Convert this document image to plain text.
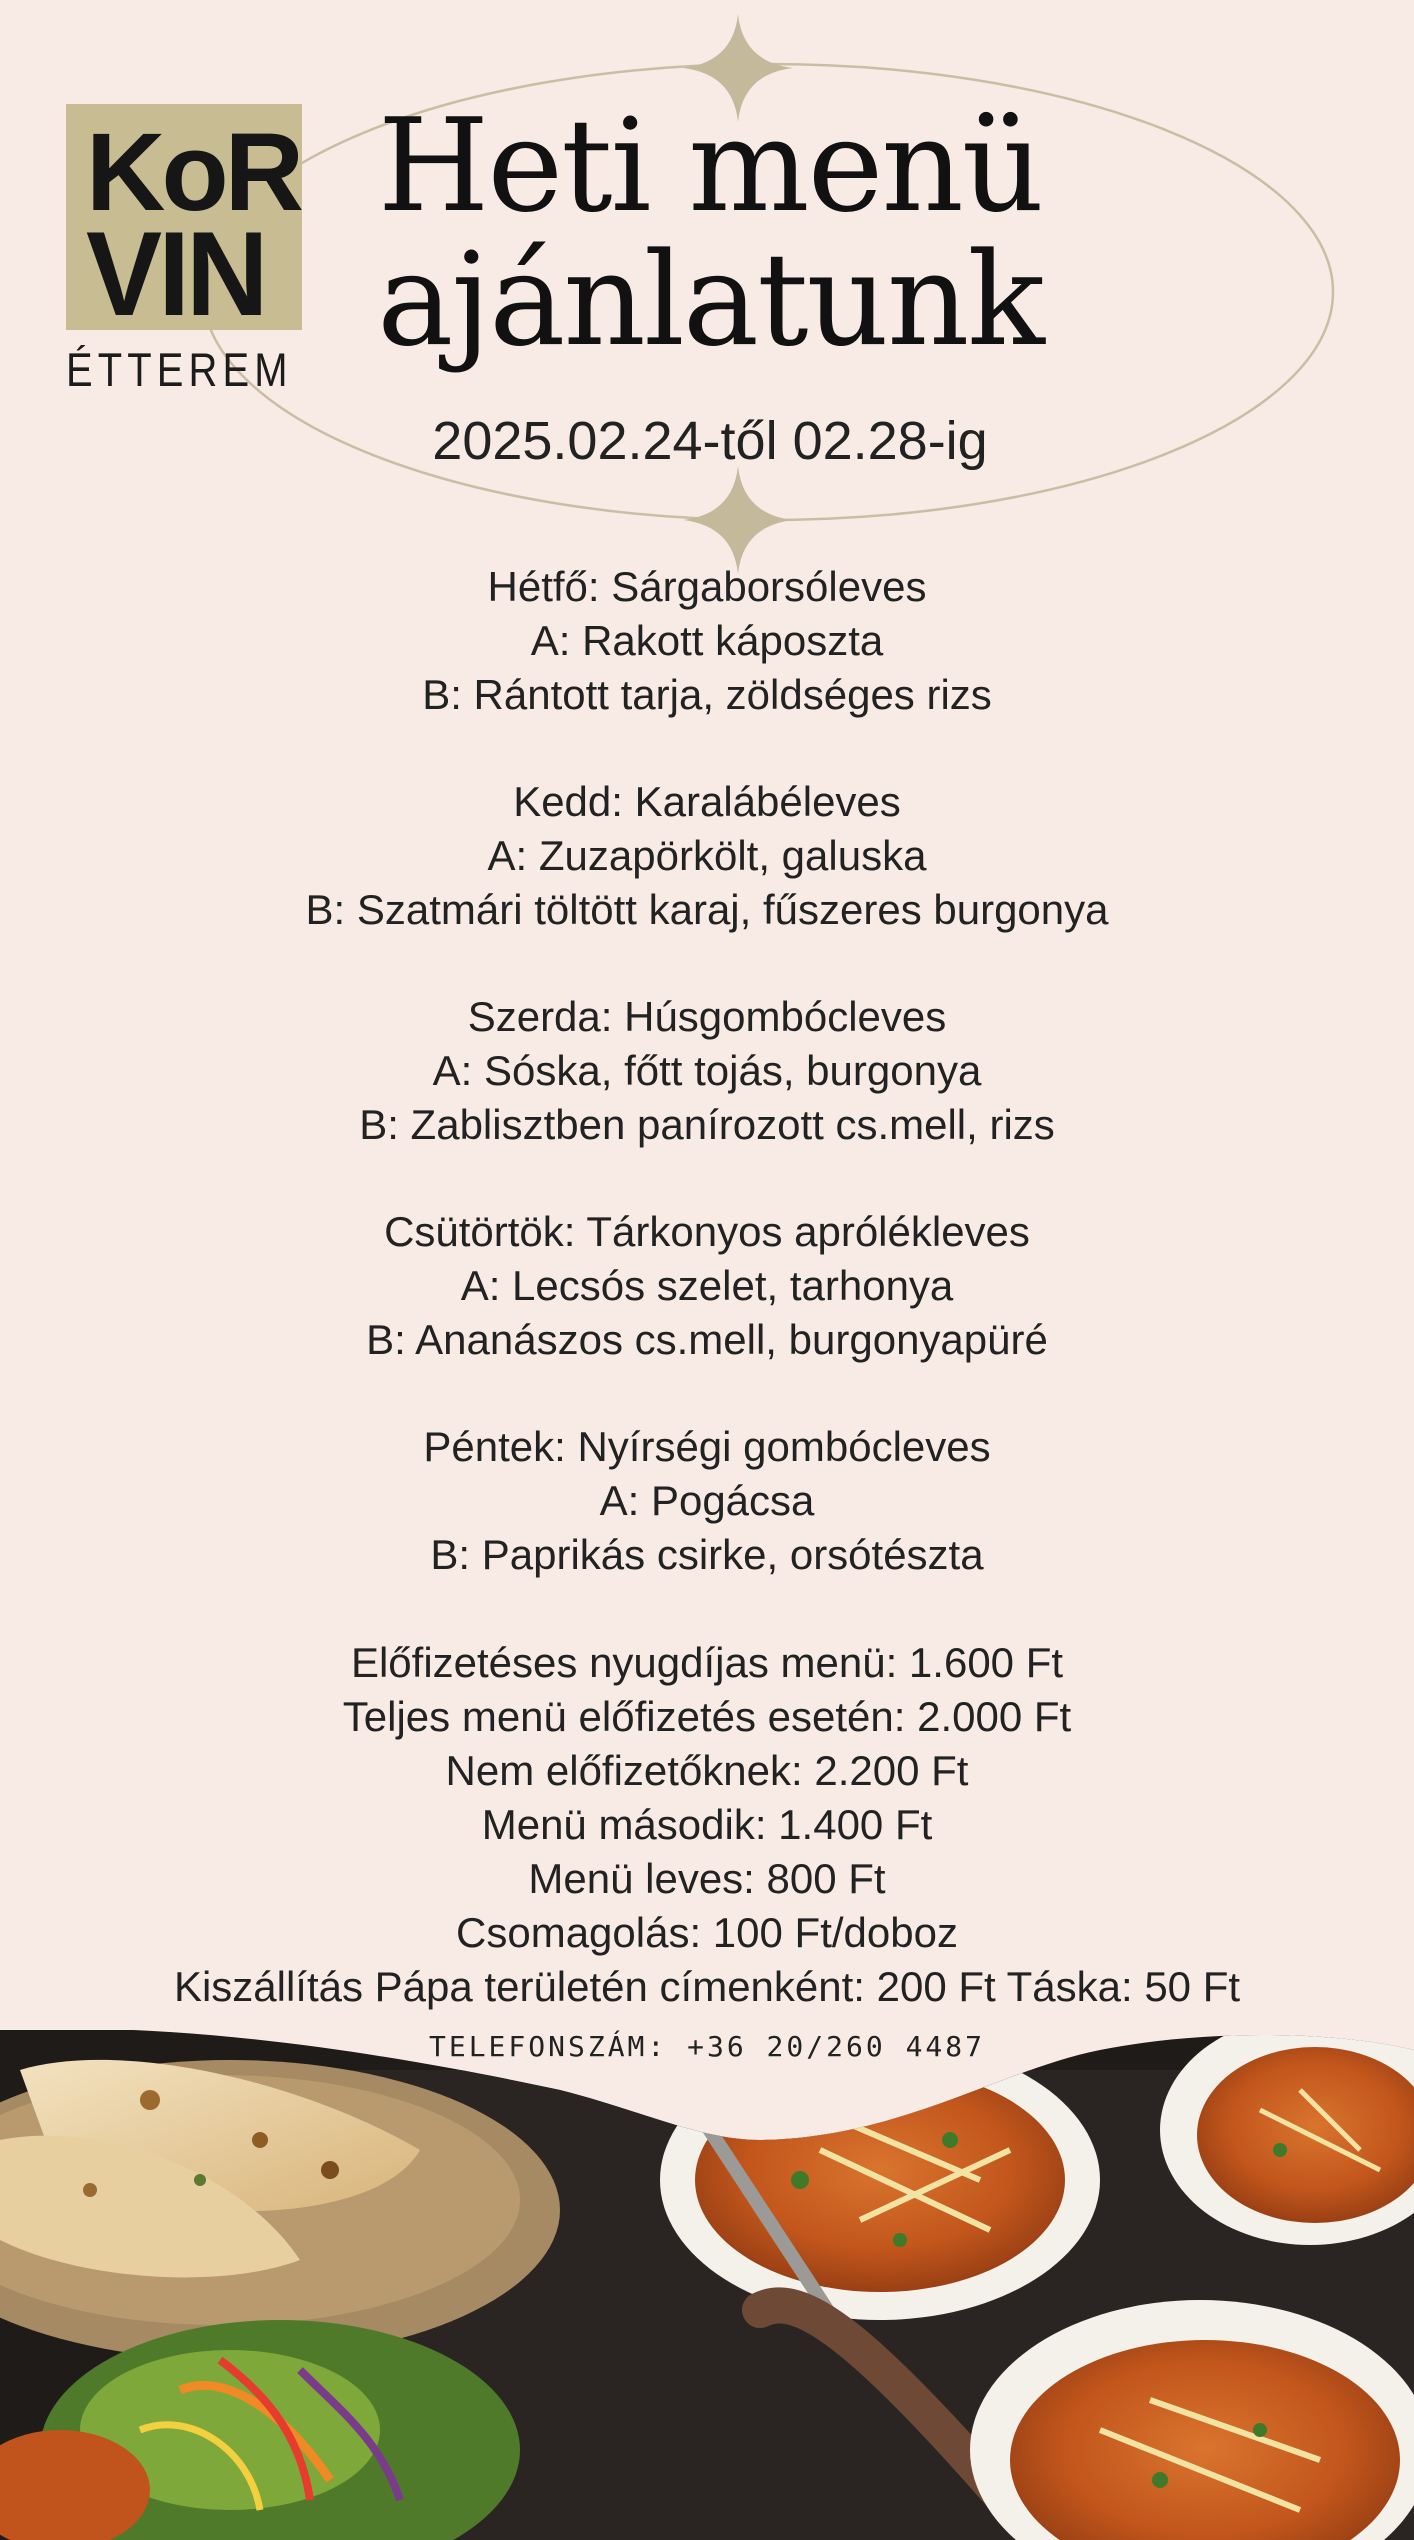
KoR
VIN
ÉTTEREM
Heti menü
ajánlatunk
2025.02.24-től 02.28-ig
Hétfő: Sárgaborsóleves
A: Rakott káposzta
B: Rántott tarja, zöldséges rizs
Kedd: Karalábéleves
A: Zuzapörkölt, galuska
B: Szatmári töltött karaj, fűszeres burgonya
Szerda: Húsgombócleves
A: Sóska, főtt tojás, burgonya
B: Zablisztben panírozott cs.mell, rizs
Csütörtök: Tárkonyos aprólékleves
A: Lecsós szelet, tarhonya
B: Ananászos cs.mell, burgonyapüré
Péntek: Nyírségi gombócleves
A: Pogácsa
B: Paprikás csirke, orsótészta
Előfizetéses nyugdíjas menü: 1.600 Ft
Teljes menü előfizetés esetén: 2.000 Ft
Nem előfizetőknek: 2.200 Ft
Menü második: 1.400 Ft
Menü leves: 800 Ft
Csomagolás: 100 Ft/doboz
Kiszállítás Pápa területén címenként: 200 Ft Táska: 50 Ft
TELEFONSZÁM: +36 20/260 4487
